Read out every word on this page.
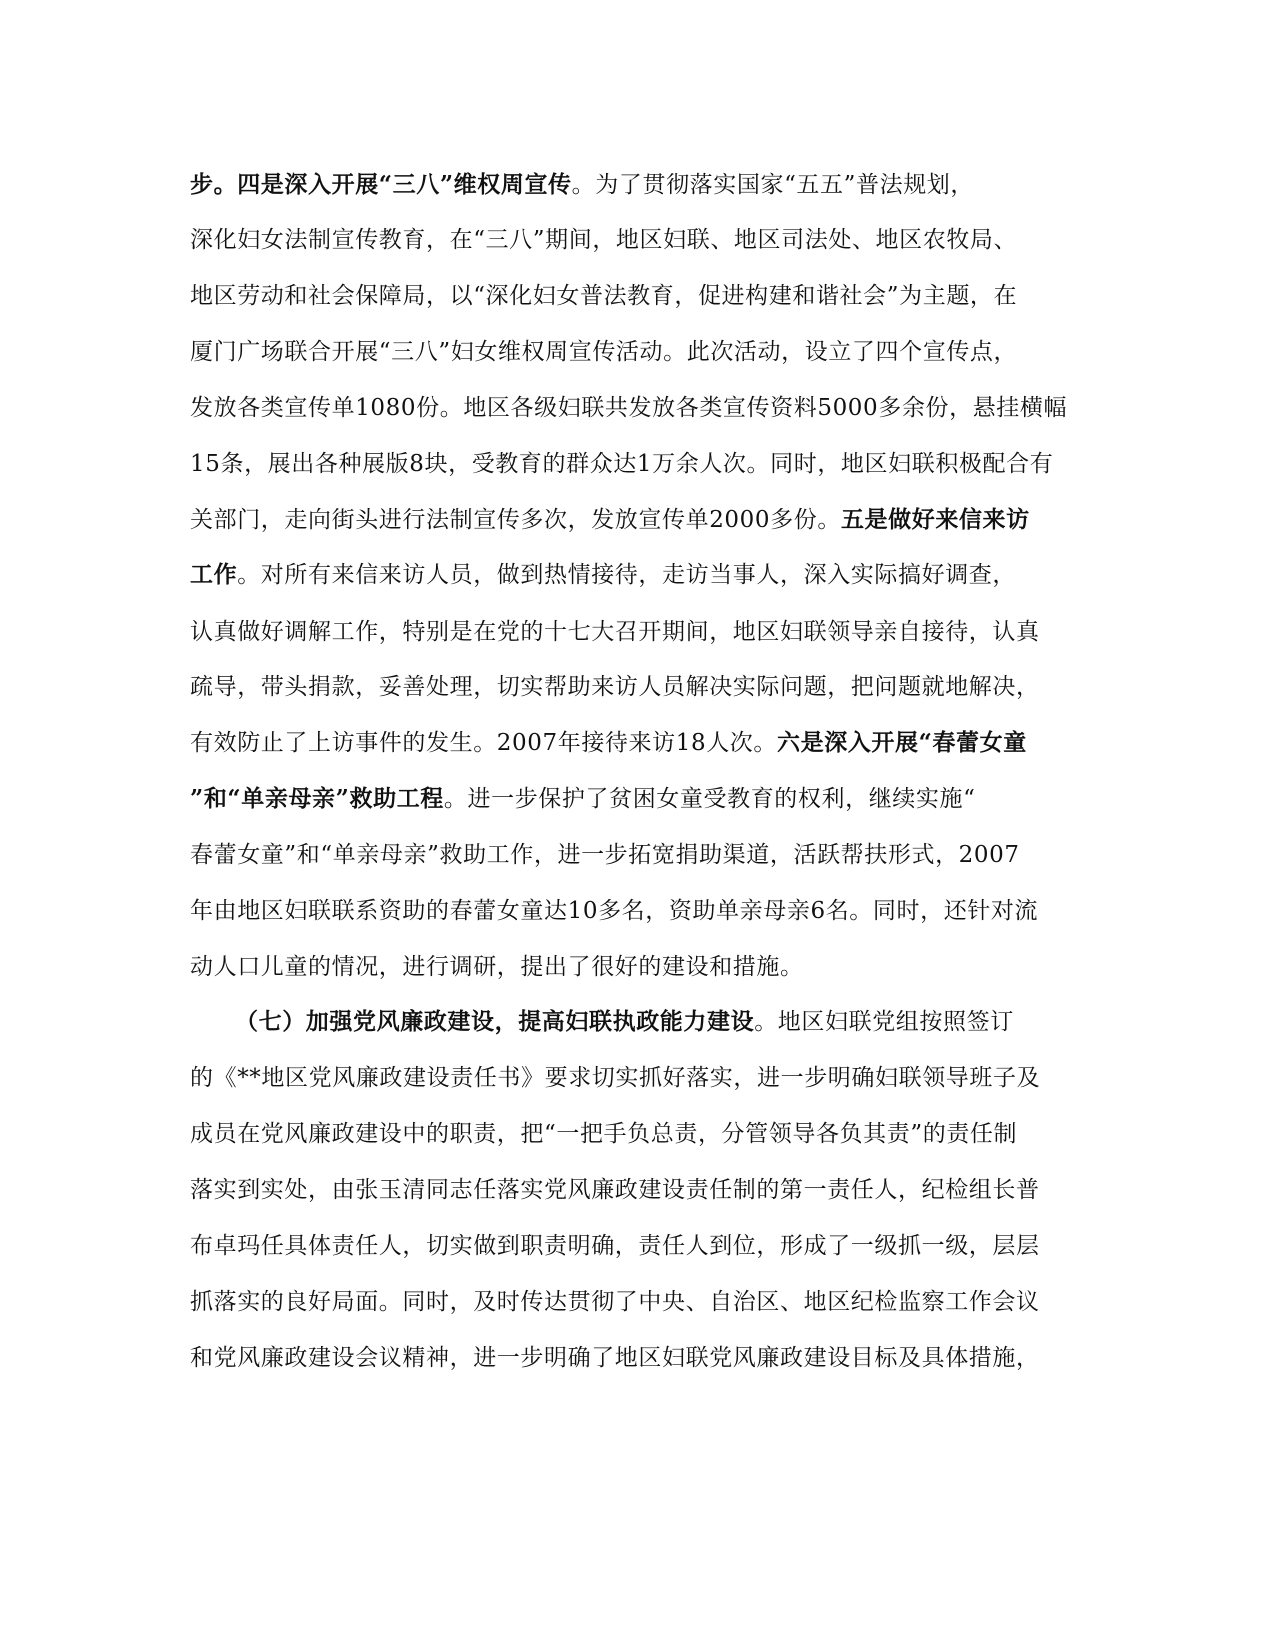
步。四是深入开展“三八”维权周宣传。为了贯彻落实国家“五五”普法规划，
深化妇女法制宣传教育，在“三八”期间，地区妇联、地区司法处、地区农牧局、
地区劳动和社会保障局，以“深化妇女普法教育，促进构建和谐社会”为主题，在
厦门广场联合开展“三八”妇女维权周宣传活动。此次活动，设立了四个宣传点，
发放各类宣传单1080份。地区各级妇联共发放各类宣传资料5000多余份，悬挂横幅
15条，展出各种展版8块，受教育的群众达1万余人次。同时，地区妇联积极配合有
关部门，走向街头进行法制宣传多次，发放宣传单2000多份。五是做好来信来访
工作。对所有来信来访人员，做到热情接待，走访当事人，深入实际搞好调查，
认真做好调解工作，特别是在党的十七大召开期间，地区妇联领导亲自接待，认真
疏导，带头捐款，妥善处理，切实帮助来访人员解决实际问题，把问题就地解决，
有效防止了上访事件的发生。2007年接待来访18人次。六是深入开展“春蕾女童
”和“单亲母亲”救助工程。进一步保护了贫困女童受教育的权利，继续实施“
春蕾女童”和“单亲母亲”救助工作，进一步拓宽捐助渠道，活跃帮扶形式，2007
年由地区妇联联系资助的春蕾女童达10多名，资助单亲母亲6名。同时，还针对流
动人口儿童的情况，进行调研，提出了很好的建设和措施。
（七）加强党风廉政建设，提高妇联执政能力建设。地区妇联党组按照签订
的《**地区党风廉政建设责任书》要求切实抓好落实，进一步明确妇联领导班子及
成员在党风廉政建设中的职责，把“一把手负总责，分管领导各负其责”的责任制
落实到实处，由张玉清同志任落实党风廉政建设责任制的第一责任人，纪检组长普
布卓玛任具体责任人，切实做到职责明确，责任人到位，形成了一级抓一级，层层
抓落实的良好局面。同时，及时传达贯彻了中央、自治区、地区纪检监察工作会议
和党风廉政建设会议精神，进一步明确了地区妇联党风廉政建设目标及具体措施，
